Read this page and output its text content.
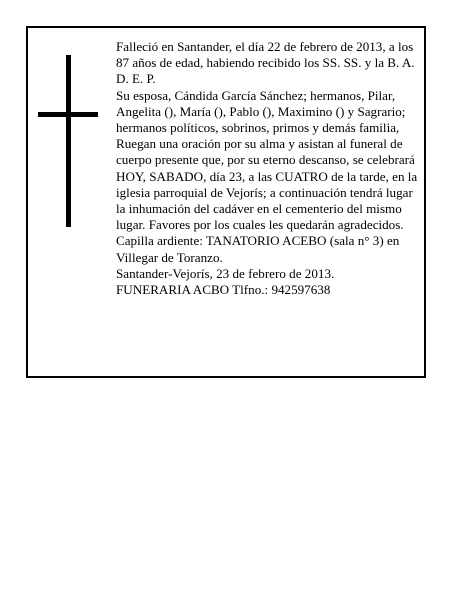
Falleció en Santander, el día 22 de febrero de 2013, a los 87 años de edad, habiendo recibido los SS. SS. y la B. A.

D. E. P.

Su esposa, Cándida García Sánchez; hermanos, Pilar, Angelita (), María (), Pablo (), Maximino () y Sagrario; hermanos políticos, sobrinos, primos y demás familia, Ruegan una oración por su alma y asistan al funeral de cuerpo presente que, por su eterno descanso, se celebrará HOY, SABADO, día 23, a las CUATRO de la tarde, en la iglesia parroquial de Vejorís; a continuación tendrá lugar la inhumación del cadáver en el cementerio del mismo lugar. Favores por los cuales les quedarán agradecidos. Capilla ardiente: TANATORIO ACEBO (sala n° 3) en Villegar de Toranzo.

Santander-Vejorís, 23 de febrero de 2013.

FUNERARIA ACBO Tlfno.: 942597638
